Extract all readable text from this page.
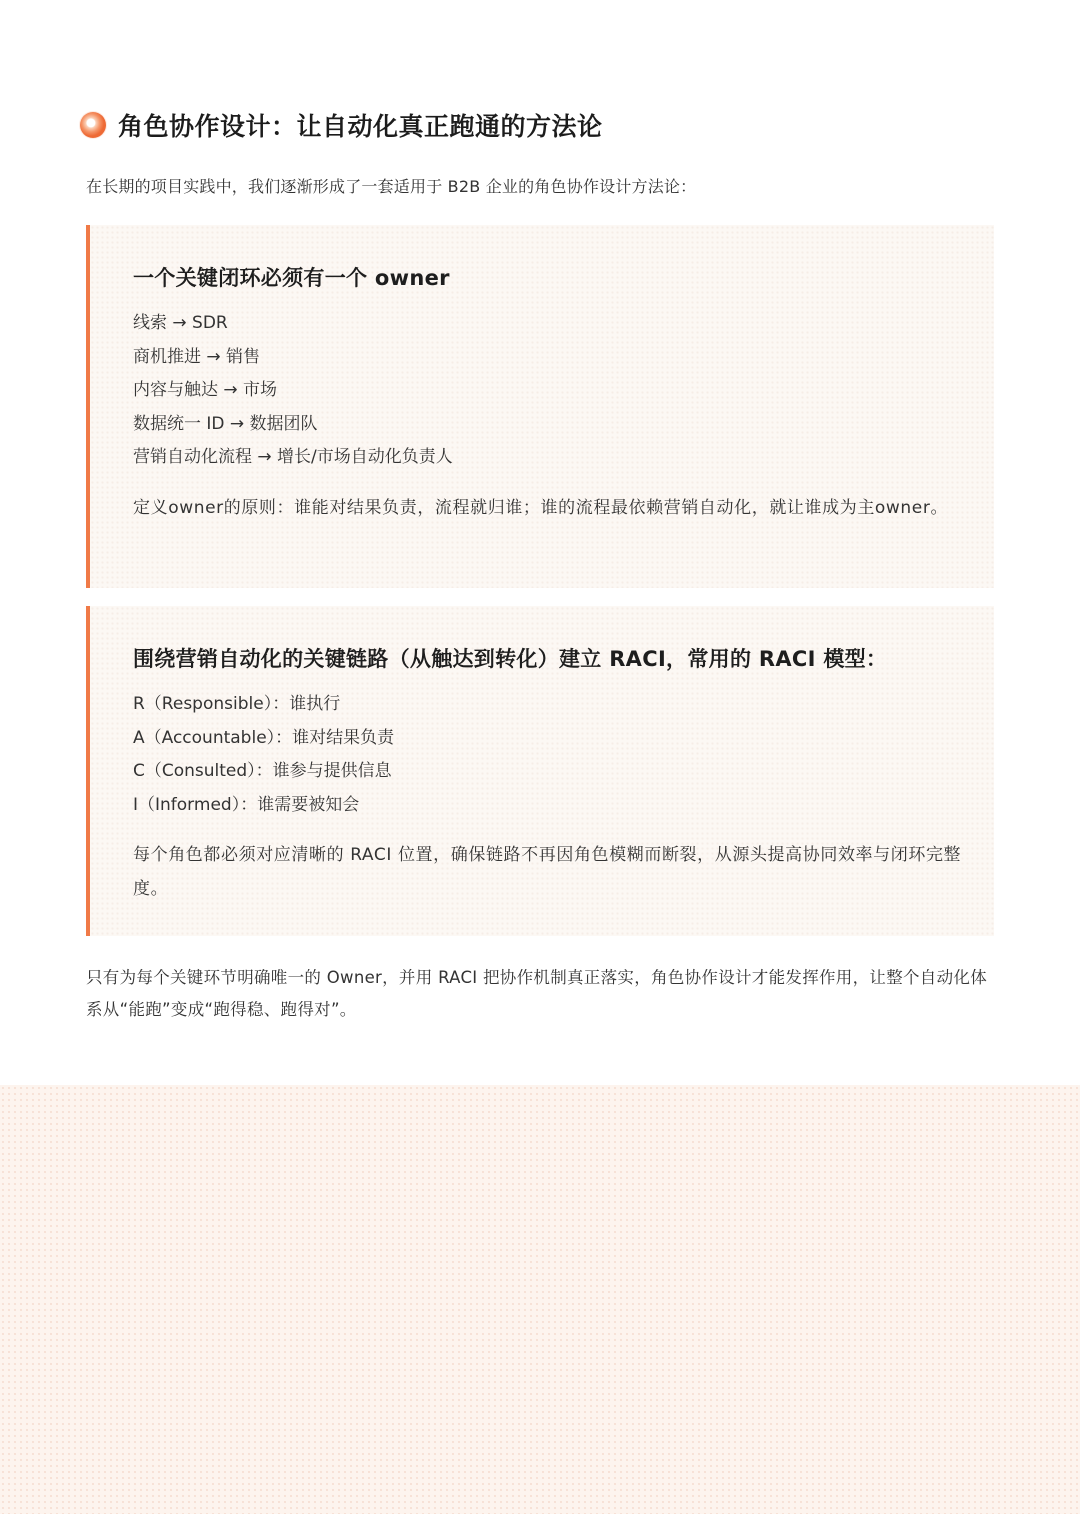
角色协作设计：让自动化真正跑通的方法论
在长期的项目实践中，我们逐渐形成了一套适用于 B2B 企业的角色协作设计方法论：
一个关键闭环必须有一个 owner
线索 → SDR
商机推进 → 销售
内容与触达 → 市场
数据统一 ID → 数据团队
营销自动化流程 → 增长/市场自动化负责人
定义owner的原则：谁能对结果负责，流程就归谁；谁的流程最依赖营销自动化，就让谁成为主owner。
围绕营销自动化的关键链路（从触达到转化）建立 RACI，常用的 RACI 模型：
R（Responsible）：谁执行
A（Accountable）：谁对结果负责
C（Consulted）：谁参与提供信息
I（Informed）：谁需要被知会
每个角色都必须对应清晰的 RACI 位置，确保链路不再因角色模糊而断裂，从源头提高协同效率与闭环完整度。
只有为每个关键环节明确唯一的 Owner，并用 RACI 把协作机制真正落实，角色协作设计才能发挥作用，让整个自动化体系从“能跑”变成“跑得稳、跑得对”。
